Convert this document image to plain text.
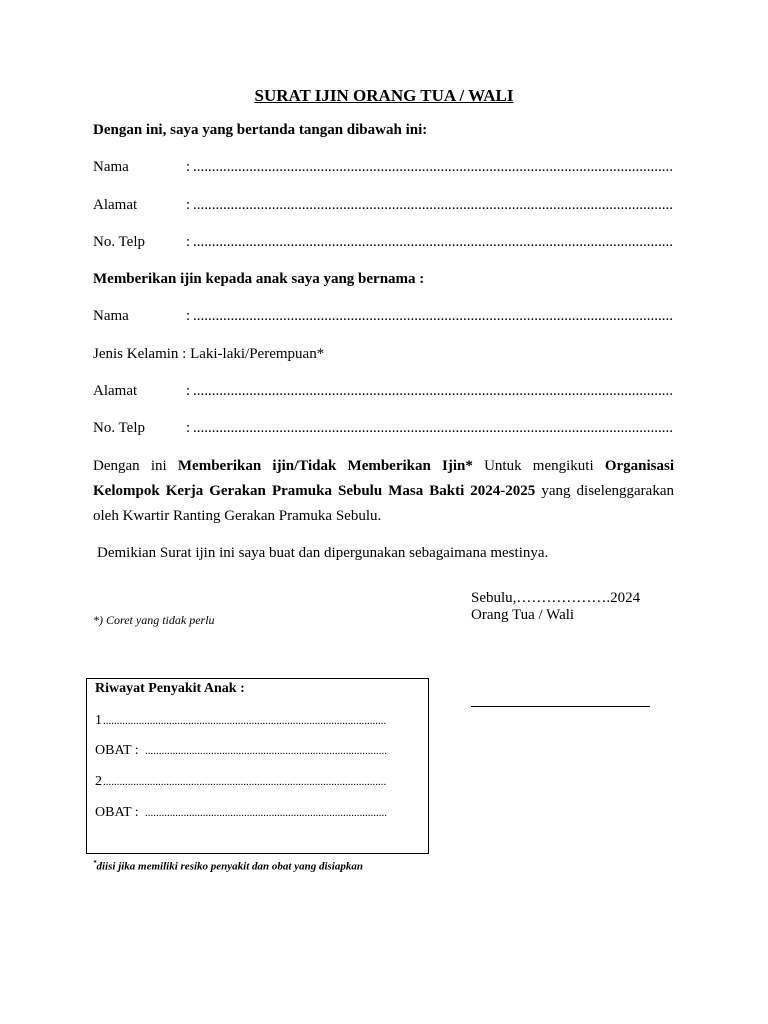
SURAT IJIN ORANG TUA / WALI
Dengan ini, saya yang bertanda tangan dibawah ini:
Nama	:
.....
Alamat	:
.....
No. Telp	:
.....
Memberikan ijin kepada anak saya yang bernama :
Nama	:
.....
Jenis Kelamin : Laki-laki/Perempuan*
Alamat	:
.....
No. Telp	:
.....
Dengan ini Memberikan ijin/Tidak Memberikan Ijin* Untuk mengikuti Organisasi Kelompok Kerja Gerakan Pramuka Sebulu Masa Bakti 2024-2025 yang diselenggarakan oleh Kwartir Ranting Gerakan Pramuka Sebulu.
Demikian Surat ijin ini saya buat dan dipergunakan sebagaimana mestinya.
Sebulu,……………….2024
Orang Tua / Wali
*) Coret yang tidak perlu
Riwayat Penyakit Anak :
1
.....
OBAT :
.....
2
.....
OBAT :
.....
*diisi jika memiliki resiko penyakit dan obat yang disiapkan
